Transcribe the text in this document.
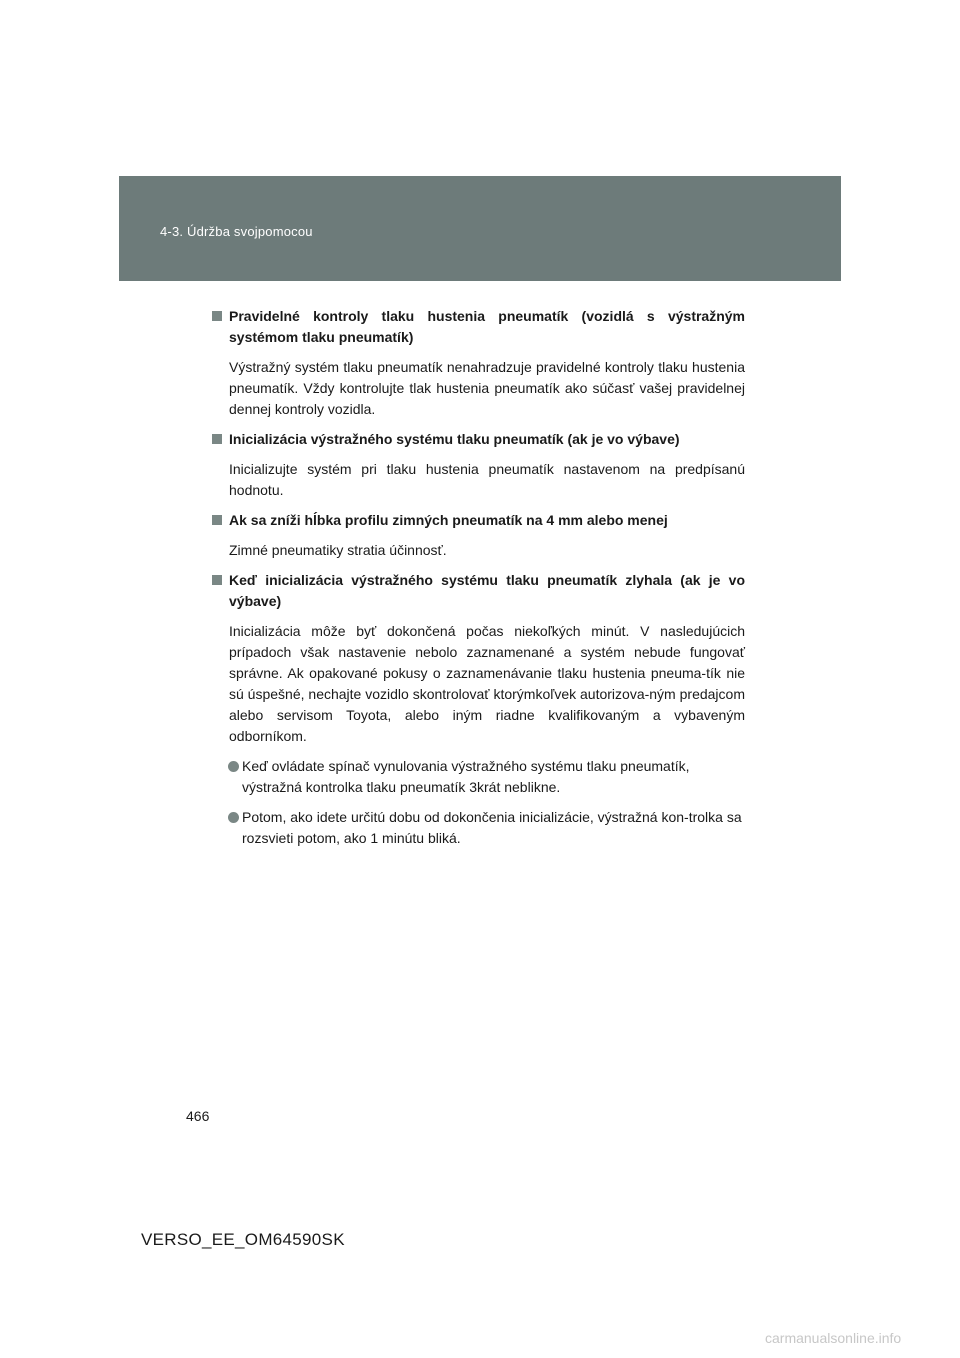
4-3. Údržba svojpomocou
Pravidelné kontroly tlaku hustenia pneumatík (vozidlá s výstražným systémom tlaku pneumatík)

Výstražný systém tlaku pneumatík nenahradzuje pravidelné kontroly tlaku hustenia pneumatík. Vždy kontrolujte tlak hustenia pneumatík ako súčasť vašej pravidelnej dennej kontroly vozidla.

Inicializácia výstražného systému tlaku pneumatík (ak je vo výbave)

Inicializujte systém pri tlaku hustenia pneumatík nastavenom na predpísanú hodnotu.

Ak sa zníži hĺbka profilu zimných pneumatík na 4 mm alebo menej

Zimné pneumatiky stratia účinnosť.

Keď inicializácia výstražného systému tlaku pneumatík zlyhala (ak je vo výbave)

Inicializácia môže byť dokončená počas niekoľkých minút. V nasledujúcich prípadoch však nastavenie nebolo zaznamenané a systém nebude fungovať správne. Ak opakované pokusy o zaznamenávanie tlaku hustenia pneuma-tík nie sú úspešné, nechajte vozidlo skontrolovať ktorýmkoľvek autorizova-ným predajcom alebo servisom Toyota, alebo iným riadne kvalifikovaným a vybaveným odborníkom.

Keď ovládate spínač vynulovania výstražného systému tlaku pneumatík, výstražná kontrolka tlaku pneumatík 3krát neblikne.
Potom, ako idete určitú dobu od dokončenia inicializácie, výstražná kon-trolka sa rozsvieti potom, ako 1 minútu bliká.
466
VERSO_EE_OM64590SK
carmanualsonline.info
